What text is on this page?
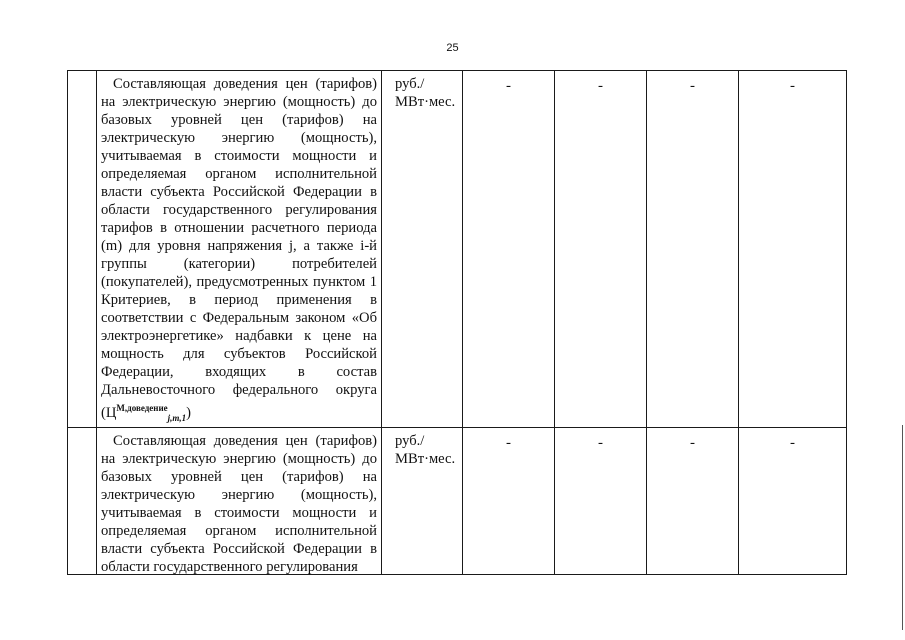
25

	Составляющая доведения цен (тарифов) на электрическую энергию (мощность) до базовых уровней цен (тарифов) на электрическую энергию (мощность), учитываемая в стоимости мощности и определяемая органом исполнительной власти субъекта Российской Федерации в области государственного регулирования тарифов в отношении расчетного периода (m) для уровня напряжения j, а также i-й группы (категории) потребителей (покупателей), предусмотренных пунктом 1 Критериев, в период применения в соответствии с Федеральным законом «Об электроэнергетике» надбавки к цене на мощность для субъектов Российской Федерации, входящих в состав Дальневосточного федерального округа $(Ц^{М,доведение}_{j,m,1})$	руб./
МВт·мес.	-	-	-	-

	Составляющая доведения цен (тарифов) на электрическую энергию (мощность) до базовых уровней цен (тарифов) на электрическую энергию (мощность), учитываемая в стоимости мощности и определяемая органом исполнительной власти субъекта Российской Федерации в области государственного регулирования	руб./
МВт·мес.	-	-	-	-
